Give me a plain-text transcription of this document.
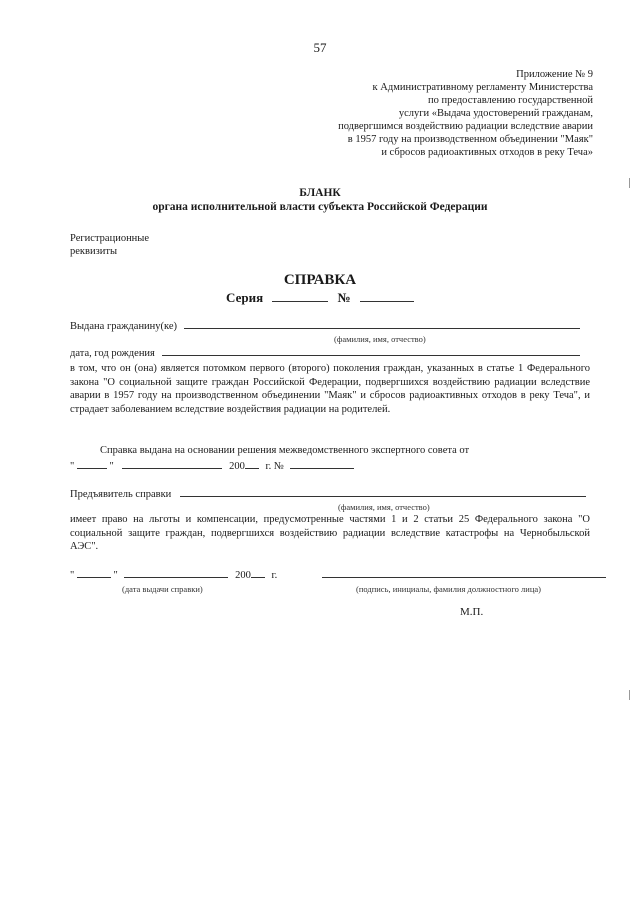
57
Приложение № 9
к Административному регламенту Министерства
по предоставлению государственной
услуги «Выдача удостоверений гражданам,
подвергшимся воздействию радиации вследствие аварии
в 1957 году на производственном объединении "Маяк"
и сбросов радиоактивных отходов в реку Теча»
БЛАНК
органа исполнительной власти субъекта Российской Федерации
Регистрационные
реквизиты
СПРАВКА
Серия	№
Выдана гражданину(ке)
(фамилия, имя, отчество)
дата, год рождения
в том, что он (она) является потомком первого (второго) поколения граждан, указанных в статье 1 Федерального закона "О социальной защите граждан Российской Федерации, подвергшихся воздействию радиации вследствие аварии в 1957 году на производственном объединении "Маяк" и сбросов радиоактивных отходов в реку Теча", и страдает заболеванием вследствие воздействия радиации на родителей.
Справка выдана на основании решения межведомственного экспертного совета от
"	"	200 г. №
Предъявитель справки
(фамилия, имя, отчество)
имеет право на льготы и компенсации, предусмотренные частями 1 и 2 статьи 25 Федерального закона "О социальной защите граждан, подвергшихся воздействию радиации вследствие катастрофы на Чернобыльской АЭС".
"	"	200 г.
(дата выдачи справки)	(подпись, инициалы, фамилия должностного лица)
М.П.
